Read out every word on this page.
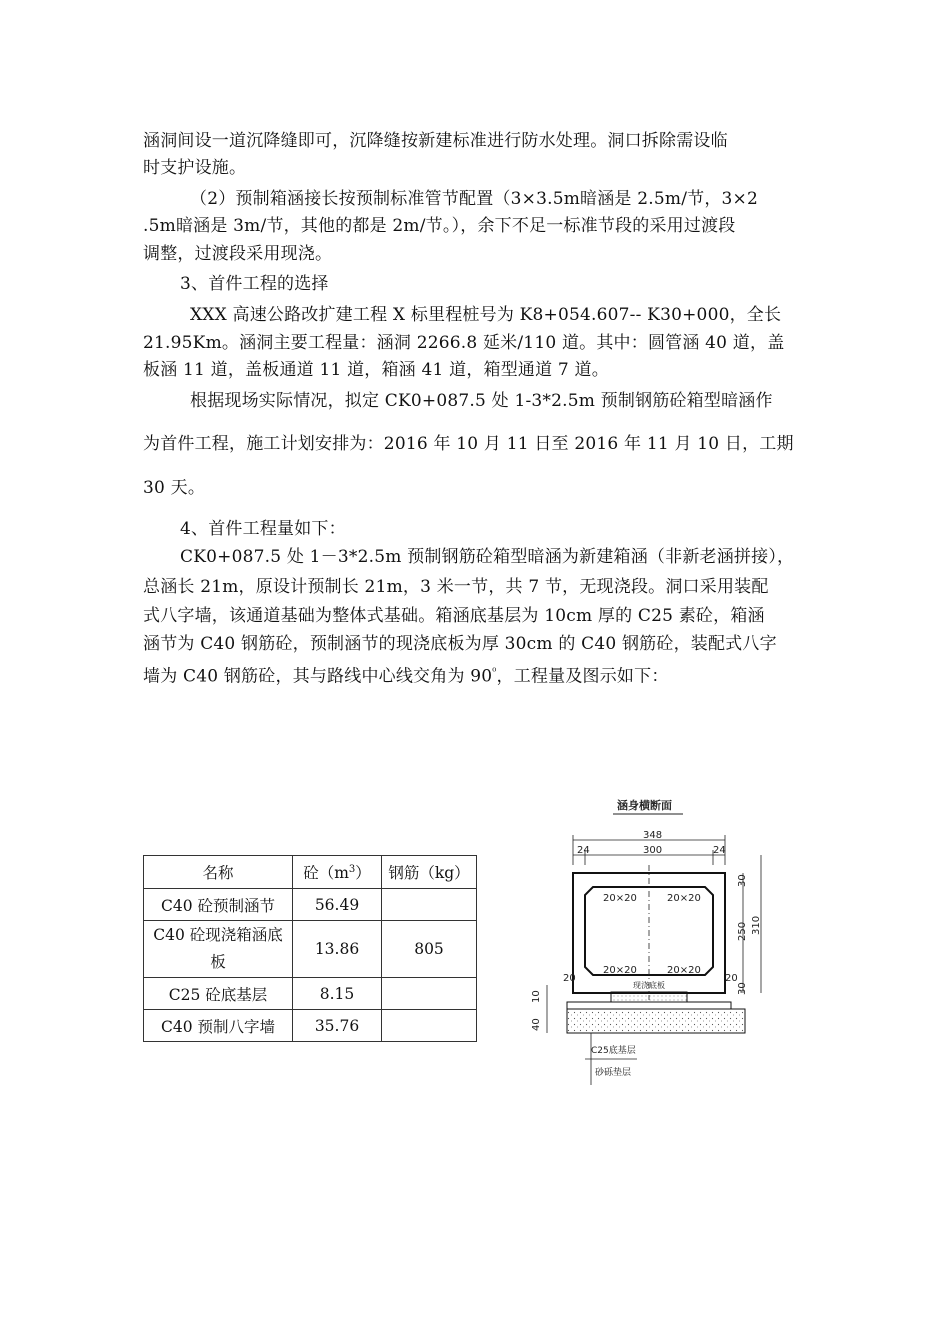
涵洞间设一道沉降缝即可，沉降缝按新建标准进行防水处理。洞口拆除需设临
时支护设施。
（2）预制箱涵接长按预制标准管节配置（3×3.5m暗涵是 2.5m/节，3×2
.5m暗涵是 3m/节，其他的都是 2m/节。），余下不足一标准节段的采用过渡段
调整，过渡段采用现浇。
3、首件工程的选择
XXX 高速公路改扩建工程 X 标里程桩号为 K8+054.607-- K30+000，全长
21.95Km。涵洞主要工程量：涵洞 2266.8 延米/110 道。其中：圆管涵 40 道，盖
板涵 11 道，盖板通道 11 道，箱涵 41 道，箱型通道 7 道。
根据现场实际情况，拟定 CK0+087.5 处 1-3*2.5m 预制钢筋砼箱型暗涵作
为首件工程，施工计划安排为：2016 年 10 月 11 日至 2016 年 11 月 10 日，工期
30 天。
4、首件工程量如下：
CK0+087.5 处 1－3*2.5m 预制钢筋砼箱型暗涵为新建箱涵（非新老涵拼接），
总涵长 21m，原设计预制长 21m，3 米一节，共 7 节，无现浇段。洞口采用装配
式八字墙，该通道基础为整体式基础。箱涵底基层为 10cm 厚的 C25 素砼，箱涵
涵节为 C40 钢筋砼，预制涵节的现浇底板为厚 30cm 的 C40 钢筋砼，装配式八字
墙为 C40 钢筋砼，其与路线中心线交角为 $90^{^0}$，工程量及图示如下：
名称	砼$(m^3)$	钢筋（kg）
C40 砼预制涵节	56.49	

C40 砼现浇箱涵底板	13.86	805
C25 砼底基层	8.15	
C40 预制八字墙	35.76	
涵身横断面
348
300
24	24
20×20	20×20
20×20	20×20
现浇底板
20	20
10
40
30
250 310
30
C25底基层
砂砾垫层
